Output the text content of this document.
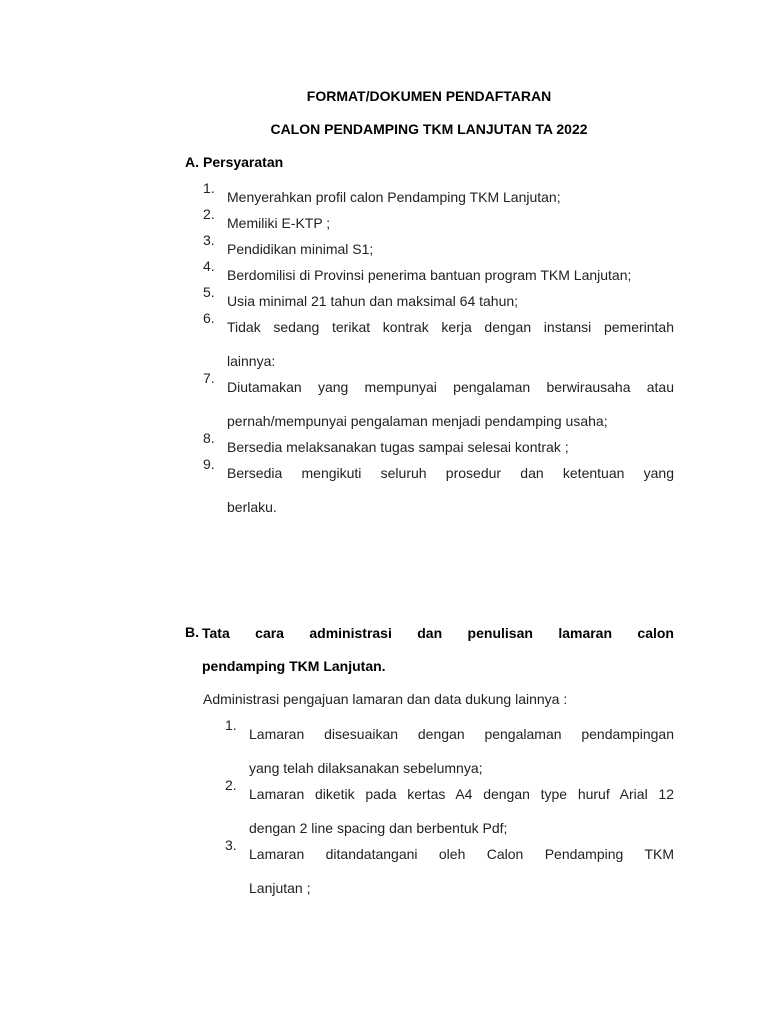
FORMAT/DOKUMEN PENDAFTARAN
CALON PENDAMPING TKM LANJUTAN TA 2022
A. Persyaratan
1.
Menyerahkan profil calon Pendamping TKM Lanjutan;
2.
Memiliki E-KTP ;
3.
Pendidikan minimal S1;
4.
Berdomilisi di Provinsi penerima bantuan program TKM Lanjutan;
5.
Usia minimal 21 tahun dan maksimal 64 tahun;
6.
Tidak sedang terikat kontrak kerja dengan instansi pemerintah
lainnya:
7.
Diutamakan yang mempunyai pengalaman berwirausaha atau
pernah/mempunyai pengalaman menjadi pendamping usaha;
8.
Bersedia melaksanakan tugas sampai selesai kontrak ;
9.
Bersedia mengikuti seluruh prosedur dan ketentuan yang
berlaku.
B. Tata cara administrasi dan penulisan lamaran calon
pendamping TKM Lanjutan.
Administrasi pengajuan lamaran dan data dukung lainnya :
1.
Lamaran disesuaikan dengan pengalaman pendampingan
yang telah dilaksanakan sebelumnya;
2.
Lamaran diketik pada kertas A4 dengan type huruf Arial 12
dengan 2 line spacing dan berbentuk Pdf;
3.
Lamaran ditandatangani oleh Calon Pendamping TKM
Lanjutan ;
